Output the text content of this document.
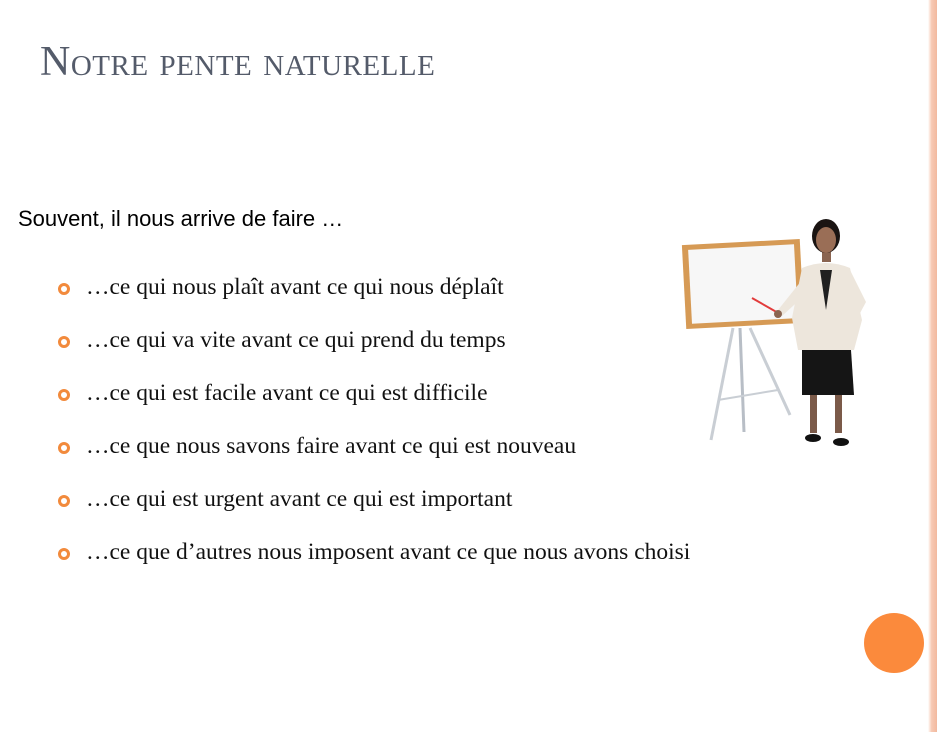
Notre pente naturelle
Souvent, il nous arrive de faire …
…ce qui nous plaît avant ce qui nous déplaît
…ce qui va vite avant ce qui prend du temps
…ce qui est facile avant ce qui est difficile
…ce que nous savons faire avant ce qui est nouveau
…ce qui est urgent avant ce qui est important
…ce que d’autres nous imposent avant ce que nous avons choisi
